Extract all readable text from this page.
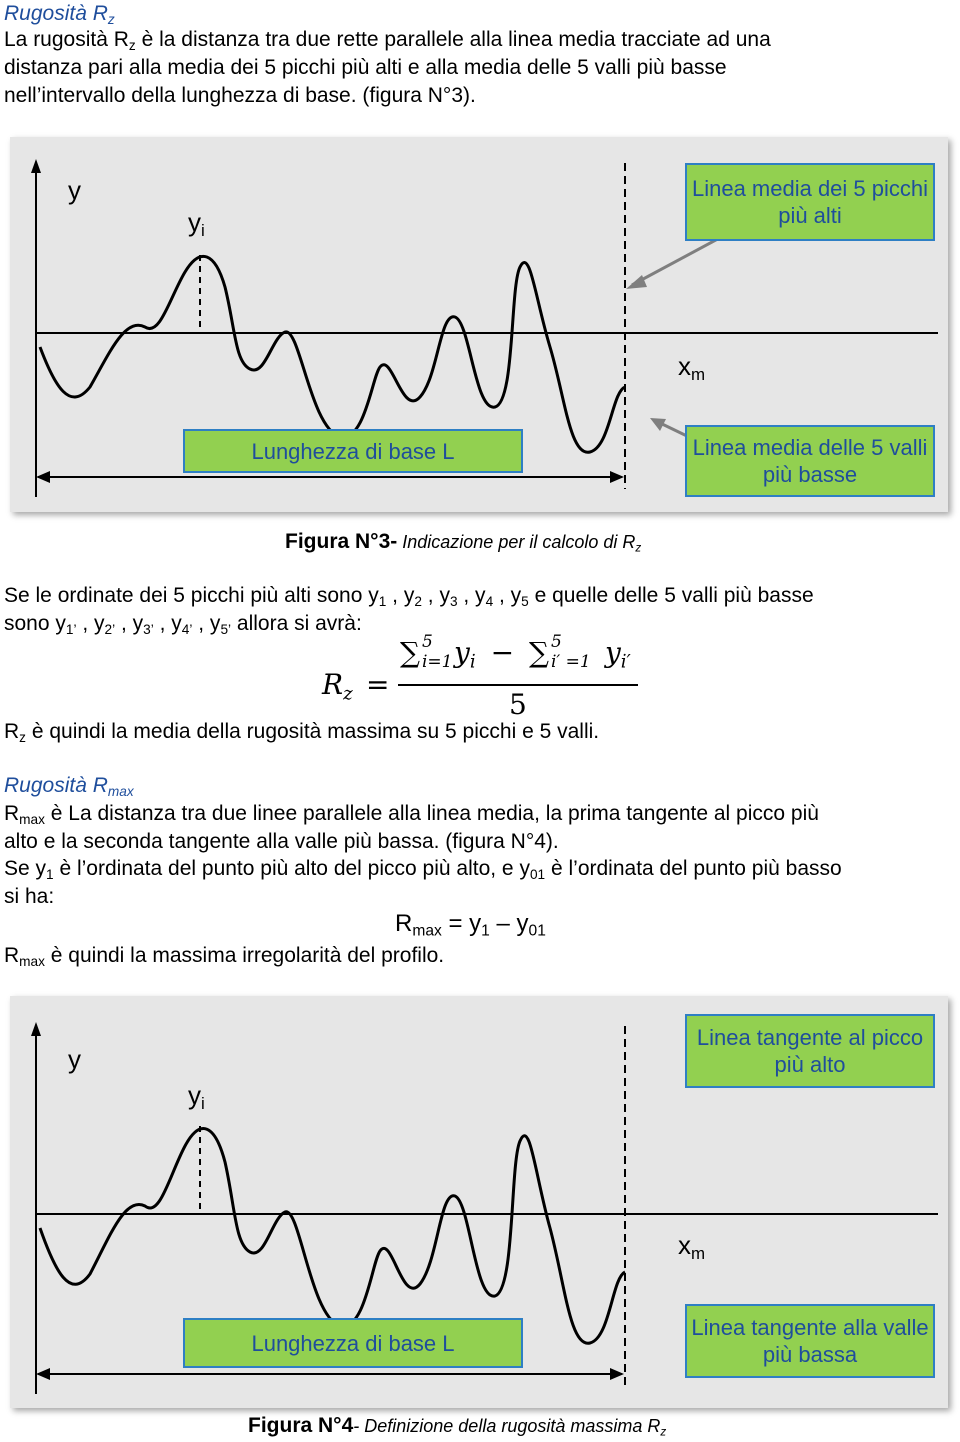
Rugosità $R_z$
La rugosità $R_z$ è la distanza tra due rette parallele alla linea media tracciate ad una
distanza pari alla media dei 5 picchi più alti e alla media delle 5 valli più basse
nell’intervallo della lunghezza di base. (figura N°3).
y
$y_i$
$x_m$
Linea media dei 5 picchi più alti
Lunghezza di base L	Linea media delle 5 valli più basse
Figura N°3- Indicazione per il calcolo di $R_z$
Se le ordinate dei 5 picchi più alti sono $y_1$ , $y_2$ , $y_3$ , $y_4$ , $y_5$ e quelle delle 5 valli più basse
sono $y_{1’}$ , $y_{2’}$ , $y_{3’}$ , $y_{4’}$ , $y_{5’}$ allora si avrà:
$R_z$ =
∑ 5
i=1 $y_i$ − ∑ 5
i′ =1 $y_{i'}$
5
$R_z$ è quindi la media della rugosità massima su 5 picchi e 5 valli.
Rugosità $R_{max}$
$R_{max}$ è La distanza tra due linee parallele alla linea media, la prima tangente al picco più
alto e la seconda tangente alla valle più bassa. (figura N°4).
Se $y_1$ è l’ordinata del punto più alto del picco più alto, e $y_{01}$ è l’ordinata del punto più basso
si ha:
$R_{max} = y_1 - y_{01}$
$R_{max}$ è quindi la massima irregolarità del profilo.
y
$y_i$
$x_m$
Linea tangente al picco più alto
Lunghezza di base L
Linea tangente alla valle più bassa
Figura N°4- Definizione della rugosità massima $R_z$
